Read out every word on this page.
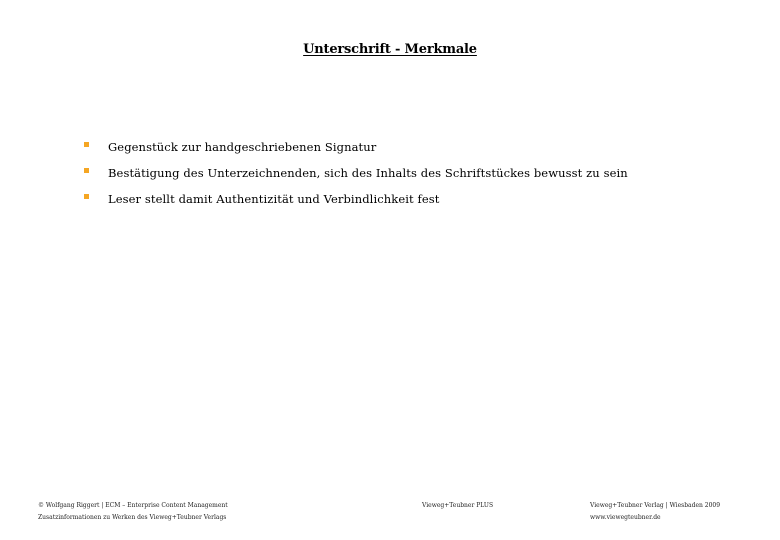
Unterschrift - Merkmale
Gegenstück zur handgeschriebenen Signatur
Bestätigung des Unterzeichnenden, sich des Inhalts des Schriftstückes bewusst zu sein
Leser stellt damit Authentizität und Verbindlichkeit fest
© Wolfgang Riggert | ECM – Enterprise Content Management
Zusatzinformationen zu Werken des Vieweg+Teubner Verlags
Vieweg+Teubner PLUS	Vieweg+Teubner Verlag | Wiesbaden 2009
www.viewegteubner.de
